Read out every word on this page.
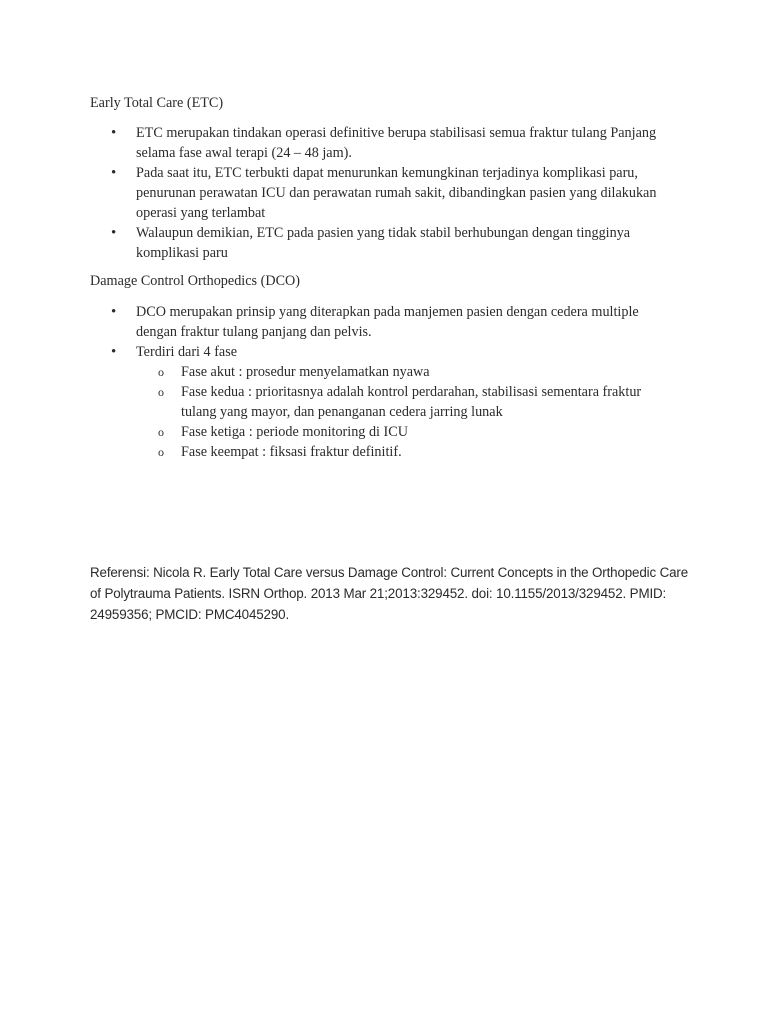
Early Total Care (ETC)
• ETC merupakan tindakan operasi definitive berupa stabilisasi semua fraktur tulang Panjang selama fase awal terapi (24 – 48 jam).
• Pada saat itu, ETC terbukti dapat menurunkan kemungkinan terjadinya komplikasi paru, penurunan perawatan ICU dan perawatan rumah sakit, dibandingkan pasien yang dilakukan operasi yang terlambat
• Walaupun demikian, ETC pada pasien yang tidak stabil berhubungan dengan tingginya komplikasi paru
Damage Control Orthopedics (DCO)
• DCO merupakan prinsip yang diterapkan pada manjemen pasien dengan cedera multiple dengan fraktur tulang panjang dan pelvis.
• Terdiri dari 4 fase
o Fase akut : prosedur menyelamatkan nyawa
o Fase kedua : prioritasnya adalah kontrol perdarahan, stabilisasi sementara fraktur tulang yang mayor, dan penanganan cedera jarring lunak
o Fase ketiga : periode monitoring di ICU
o Fase keempat : fiksasi fraktur definitif.
Referensi: Nicola R. Early Total Care versus Damage Control: Current Concepts in the Orthopedic Care of Polytrauma Patients. ISRN Orthop. 2013 Mar 21;2013:329452. doi: 10.1155/2013/329452. PMID: 24959356; PMCID: PMC4045290.
